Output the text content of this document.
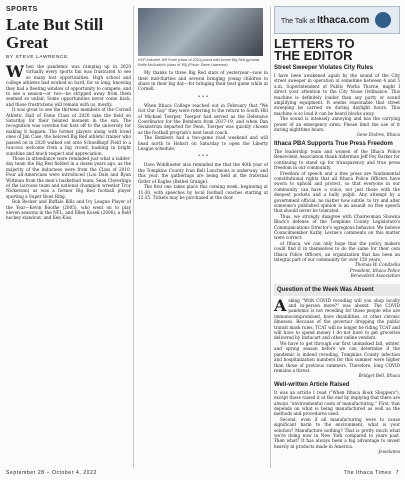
SPORTS
Late But Still Great
BY STEVE LAWRENCE

When the pandemic was ramping up in 2020 virtually every sports fan was frustrated to see so many lost opportunities. High school and college athletes had worked so hard, for so long, knowing they had a fleeting window of opportunity to compete, and to see a season—or two—be stripped away from them seemed so unfair. Some opportunities never come back, and those frustrations will remain with us, mostly.

It was great to see the thirteen members of the Cornell Athletic Hall of Fame Class of 2020 take the field on Saturday for their belated moment in the sun. The recognition was overdue but hats off to the university for making it happen. The former players along with loved ones of Jim Case, the beloved Big Red athletic trainer who passed on in 2020 walked out onto Schoellkopf Field to a raucous welcome from a big crowd, basking in bright sunshine and much respect and appreciation.

Those in attendance were reminded just what a ladder-day team the Big Red fielded in a dozen years ago, as the majority of the inductees were from the Class of 2010. Four all-Americans were introduced (Lou Dale and Ryan Wittman from the men's basketball team; Sean Cleveringa of the lacrosse team and national champion wrestler Troy Nickerson) as was a former Big Red football player sporting a Super Bowl Ring.

Bob Becker and Buffalo Bills and Ivy League Player of the Year—Kevin Boothe (2005), who went on to play eleven seasons in the NFL, and Ellen Kosek (2006), a field hockey standout, and Ken Kiss.

HOF inductee Jeff Foote (class of 2010) poses with former Big Red gymnast Kellie McGoldrick (class of '85) (Photo: Steve Lawrence)

My thanks to three Big Red stars of yesteryear—now in their mid-thirties and several bringing young children to share in their big day—for bringing their best game while at Cornell.

• • •

When Ithaca College reached out in February that "We Got Our Guy" they were referring to the return to South Hill of Michael Toerper. Toerper had served as the Defensive Coordinator for the Bombers from 2017-19, and when Dan Swanstrom departed for Penn, Toerper was quickly chosen as the football program's next head coach.

The Bombers had a two-game road weekend and will head north to Hobart on Saturday to open the Liberty League schedule.

• • •

Dave Wohlhueter also reminded me that the 40th year of the Tompkins County Ivan Bell Luncheons is underway, and this year, the gatherings are being held at the fraternal Order of Eagles (Bethel Grange).

The first one takes place this coming week, beginning at 11:30, with speeches by local football coaches starting at 12:15. Tickets may be purchased at the door.

The Talk at Ithaca.com
LETTERS TO
THE EDITOR
Street Sweeper Violates City Rules

I have been awakened again by the sound of the City street sweeper in operation at sometime between 4 and 5 a.m. Superintendent of Public Works Thorne, might I direct your attention to the City Noise Ordinance. This machine is definitely louder than any party or sound amplifying equipment. It seems reasonable that street sweeping be carried on during daylight hours. This machine is so loud it can be heard blocks away.

The sound is intensely annoying and has the carrying power of an emergency siren. Please limit the use of it during nighttime hours.

Gene Endres, Ithaca
Ithaca PBA Supports True Press Freedom

The leadership team and women of the Ithaca Police Benevolent Association thank Alderman Jeff Fey Barker for continuing to stand up for transparency and true press freedom in our community.

Freedom of speech and a free press are fundamental constitutional rights that all Ithaca Police Officers have sworn to uphold and protect, so that everyone in our community can have a voice, not just those with the deepest pockets and a bully pulpit. Any attempt by a government official, no matter how subtle, to try and alter someone's published opinion is an assault on free speech that should never be tolerated.

Thus, we strongly disagree with Chairwoman Shawna Black's defense of the Tompkins County Legislature's Communications Director's egregious behavior. We believe Councilmember Kathy Levine's comments on this matter were correct.

of Ithaca, we can only hope that the policy makers could find it in themselves to do the same for their own Ithaca Police Officers, an organization that has been an integral part of our community for over 150 years.

Thomas W. Condzella
President, Ithaca Police
Benevolent Association
Question of the Week Was Absent

Asking "With COVID receding will you shop locally and in-person more?" was absent. The COVID pandemic is not receding for those people who are immunocompromised, have disabilities, or other chronic illnesses. Because of the governor dropping the public transit mask rules, TCAT will no longer be riding TCAT and will have to spend money I do not have to get groceries delivered by Instacart and other online vendors.

We have to get through our first unmasked fall, winter, and spring season before we can determine if the pandemic is indeed receding. Tompkins County infection and hospitalization numbers for this summer were higher than those of previous summers. Therefore, long COVID remains a threat.

Bridget Bell, Ithaca
Well-written Article Raised

It was an article I read ("When Ithaca Book Shoppers"), except those raised it at the end by implying that there are always "environmental costs of manufacturing." First, that depends on what is being manufactured as well as the methods and procedures used.

Second, even if all manufacturing were to cause significant harm to the environment, what is your solution? Manufacture nothing? That is pretty much what we're doing now in New York compared to years past. Then what? It has always been a big advantage to invest heavily in products made in America.

-Jewelanes
September 28 – October 4, 2022	The Ithaca Times 7
